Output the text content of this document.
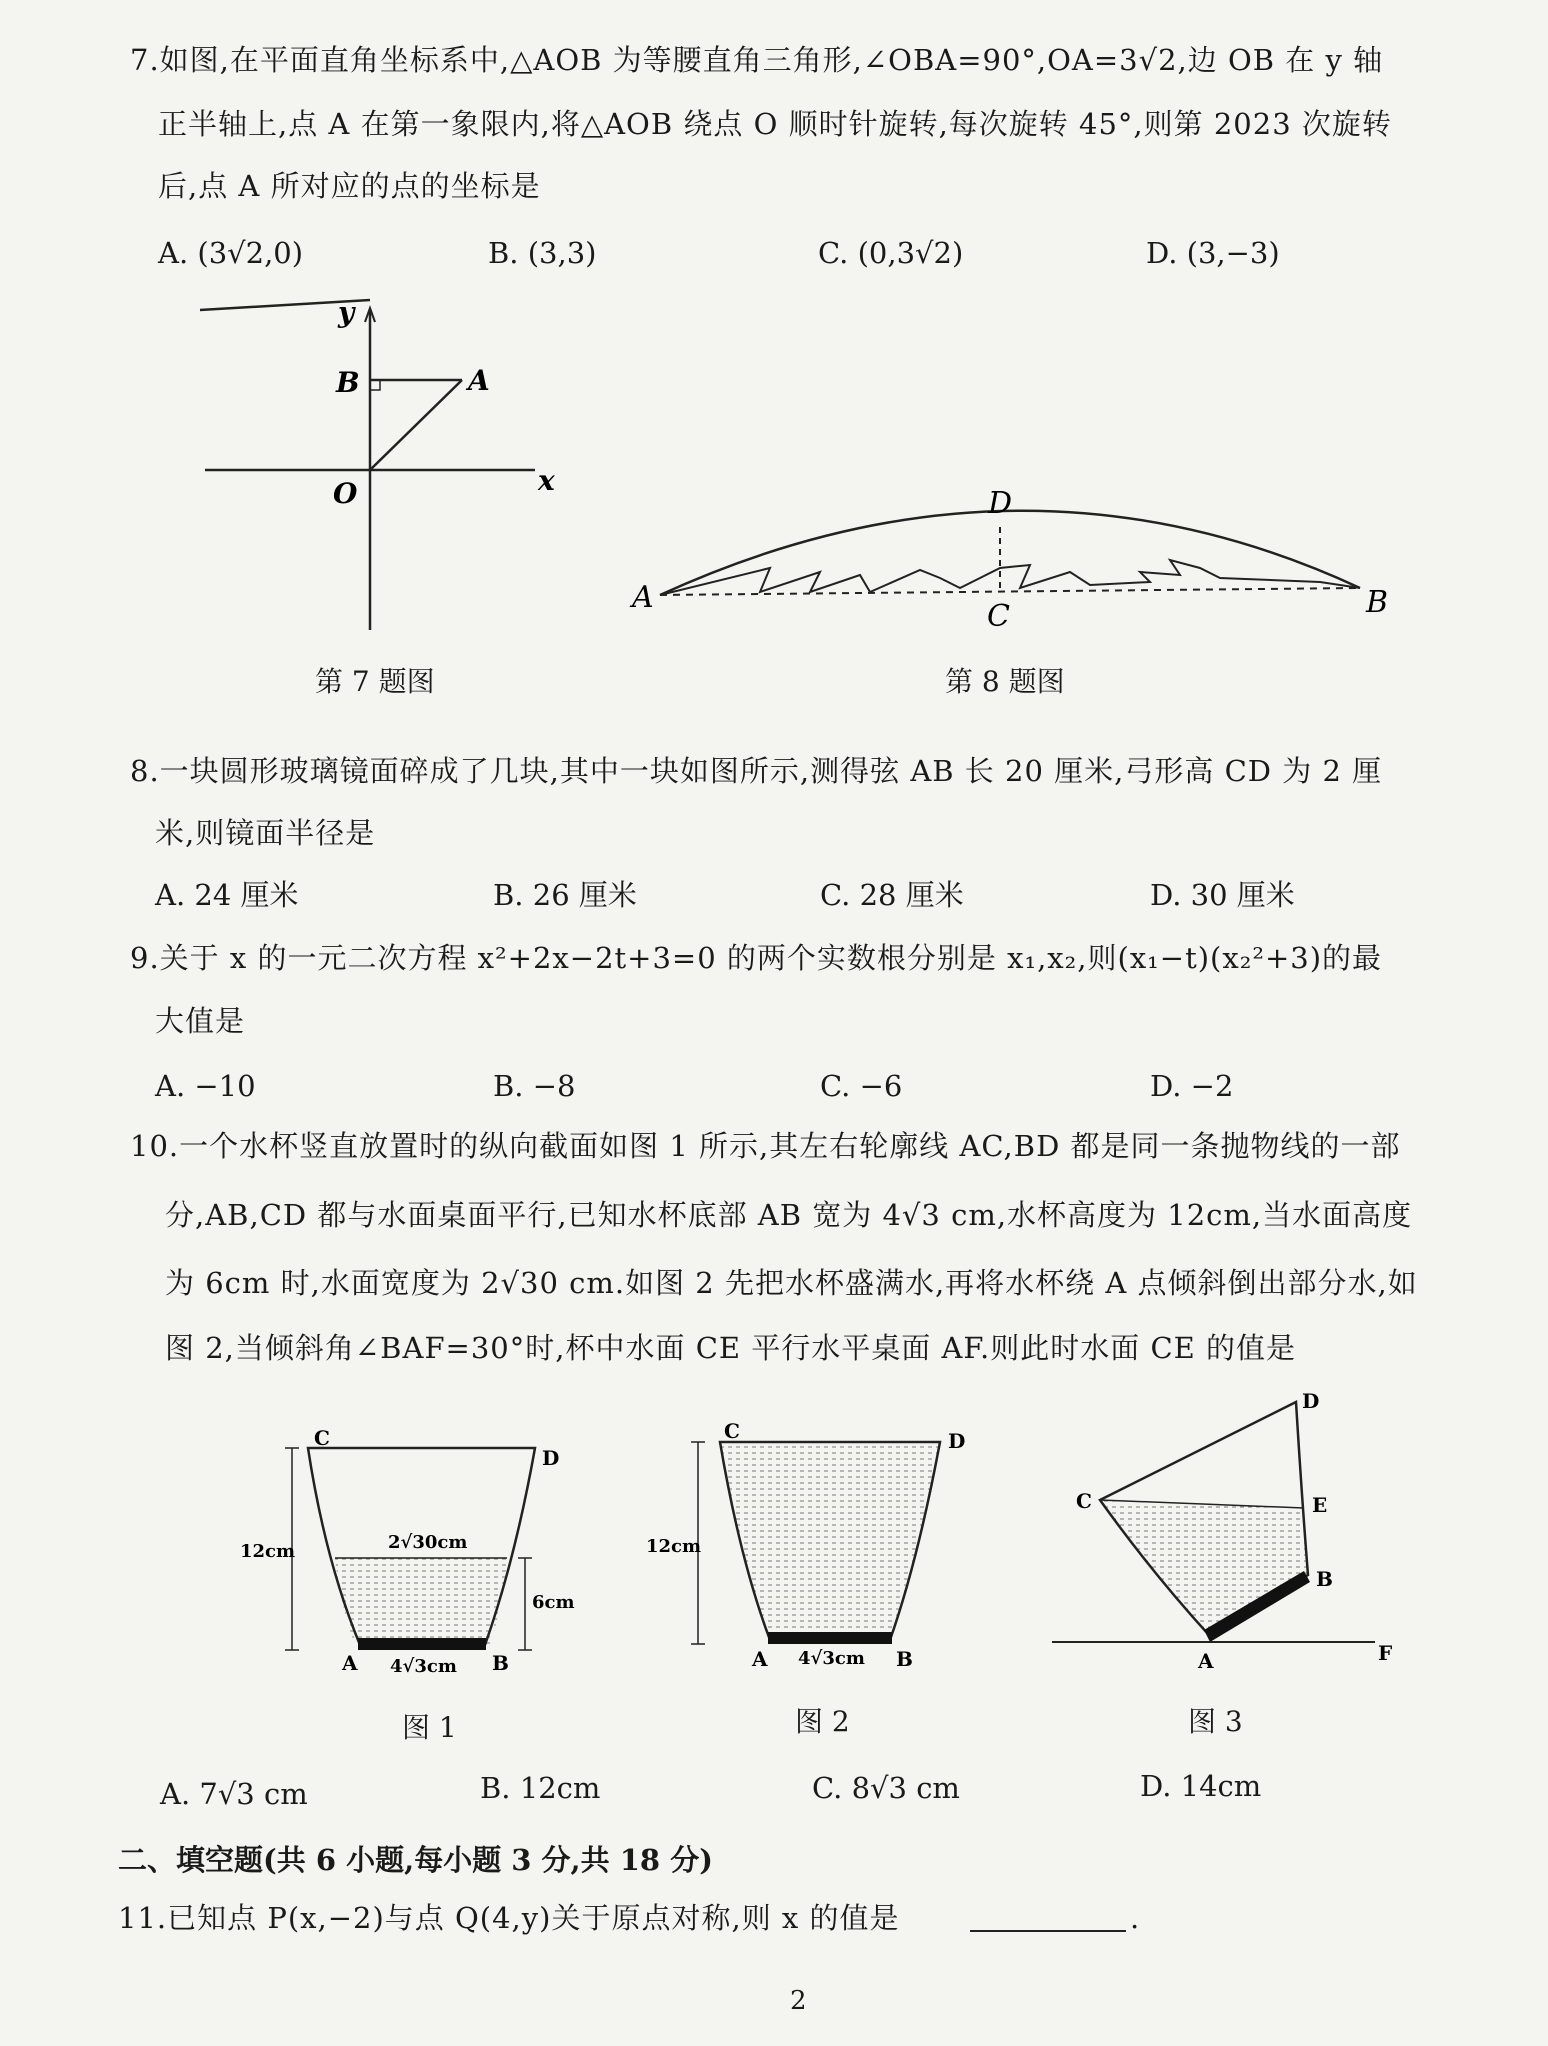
7.如图,在平面直角坐标系中,△AOB 为等腰直角三角形,∠OBA=90°,OA=3√2,边 OB 在 y 轴
正半轴上,点 A 在第一象限内,将△AOB 绕点 O 顺时针旋转,每次旋转 45°,则第 2023 次旋转
后,点 A 所对应的点的坐标是
A. (3√2,0)	B. (3,3)	C. (0,3√2)	D. (3,−3)
y
x
O
B	A
第 7 题图
A	B
C
D
第 8 题图
8.一块圆形玻璃镜面碎成了几块,其中一块如图所示,测得弦 AB 长 20 厘米,弓形高 CD 为 2 厘
米,则镜面半径是
A. 24 厘米	B. 26 厘米	C. 28 厘米	D. 30 厘米
9.关于 x 的一元二次方程 x²+2x−2t+3=0 的两个实数根分别是 x₁,x₂,则(x₁−t)(x₂²+3)的最
大值是
A. −10	B. −8	C. −6	D. −2
10.一个水杯竖直放置时的纵向截面如图 1 所示,其左右轮廓线 AC,BD 都是同一条抛物线的一部
分,AB,CD 都与水面桌面平行,已知水杯底部 AB 宽为 4√3 cm,水杯高度为 12cm,当水面高度
为 6cm 时,水面宽度为 2√30 cm.如图 2 先把水杯盛满水,再将水杯绕 A 点倾斜倒出部分水,如
图 2,当倾斜角∠BAF=30°时,杯中水面 CE 平行水平桌面 AF.则此时水面 CE 的值是
C
D
A	B
12cm	2√30cm
6cm
4√3cm
图 1
C	D
A	B
12cm
4√3cm
图 2
C
D
E
B
A	F
图 3
A. 7√3 cm	B. 12cm	C. 8√3 cm	D. 14cm
二、填空题(共 6 小题,每小题 3 分,共 18 分)
11.已知点 P(x,−2)与点 Q(4,y)关于原点对称,则 x 的值是	.
2
